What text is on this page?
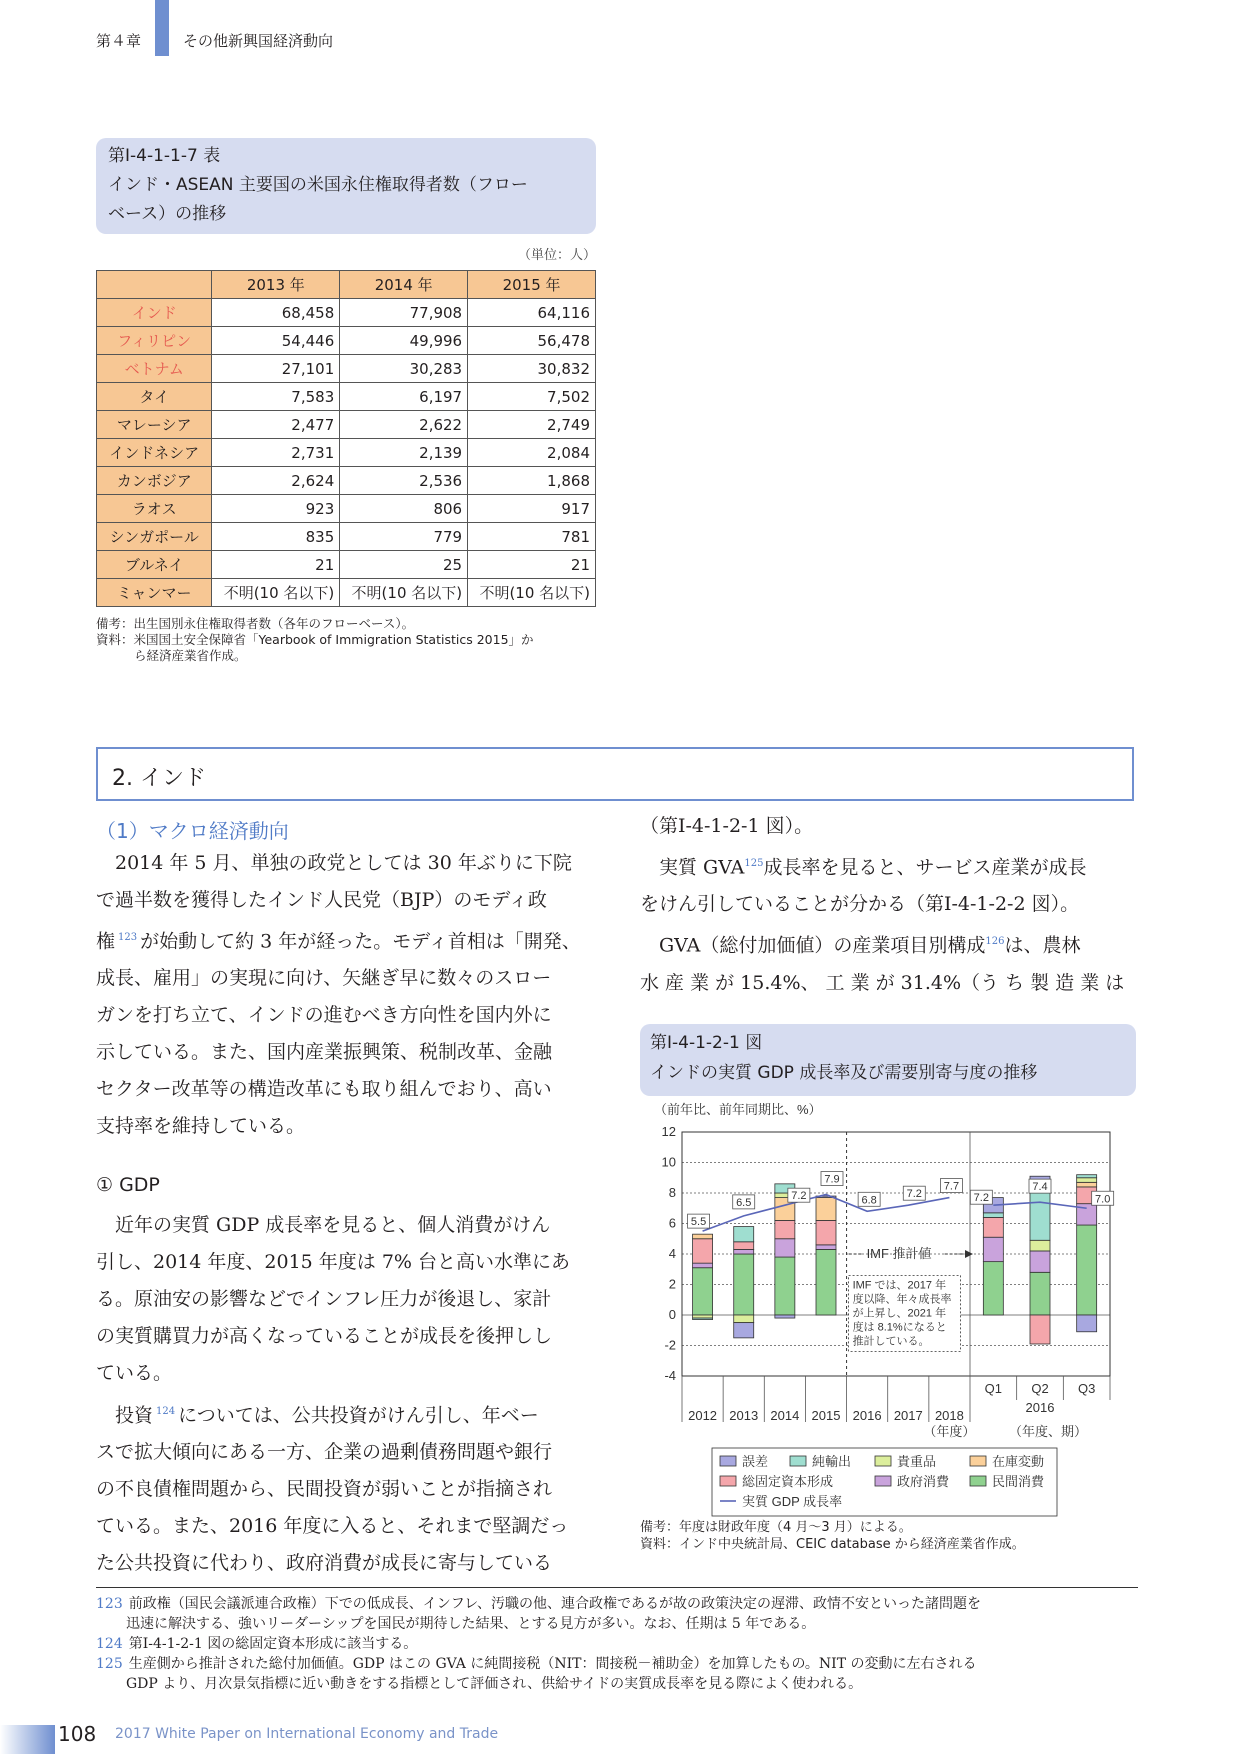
第４章	その他新興国経済動向
第Ⅰ-4-1-1-7 表
インド・ASEAN 主要国の米国永住権取得者数（フロー
ベース）の推移
（単位：人）
	2013 年	2014 年	2015 年
インド	68,458	77,908	64,116
フィリピン	54,446	49,996	56,478
ベトナム	27,101	30,283	30,832
タイ	7,583	6,197	7,502
マレーシア	2,477	2,622	2,749
インドネシア	2,731	2,139	2,084
カンボジア	2,624	2,536	1,868
ラオス	923	806	917
シンガポール	835	779	781
ブルネイ	21	25	21
ミャンマー	不明(10 名以下)	不明(10 名以下)	不明(10 名以下)
備考：出生国別永住権取得者数（各年のフローベース）。
資料：米国国土安全保障省「Yearbook of Immigration Statistics 2015」か
ら経済産業省作成。
2. インド
（1）マクロ経済動向
　2014 年 5 月、単独の政党としては 30 年ぶりに下院
で過半数を獲得したインド人民党（BJP）のモディ政
権 $^{123}$ が始動して約 3 年が経った。モディ首相は「開発、
成長、雇用」の実現に向け、矢継ぎ早に数々のスロー
ガンを打ち立て、インドの進むべき方向性を国内外に
示している。また、国内産業振興策、税制改革、金融
セクター改革等の構造改革にも取り組んでおり、高い
支持率を維持している。
① GDP
　近年の実質 GDP 成長率を見ると、個人消費がけん
引し、2014 年度、2015 年度は 7% 台と高い水準にあ
る。原油安の影響などでインフレ圧力が後退し、家計
の実質購買力が高くなっていることが成長を後押しし
ている。
　投資 $^{124}$ については、公共投資がけん引し、年ベー
スで拡大傾向にある一方、企業の過剰債務問題や銀行
の不良債権問題から、民間投資が弱いことが指摘され
ている。また、2016 年度に入ると、それまで堅調だっ
た公共投資に代わり、政府消費が成長に寄与している
（第Ⅰ-4-1-2-1 図）。
　実質 GVA$^{125}$成長率を見ると、サービス産業が成長
をけん引していることが分かる（第Ⅰ-4-1-2-2 図）。
　GVA（総付加価値）の産業項目別構成$^{126}$は、農林
水 産 業 が 15.4%、 工 業 が 31.4%（う ち 製 造 業 は
第Ⅰ-4-1-2-1 図
インドの実質 GDP 成長率及び需要別寄与度の推移
（前年比、前年同期比、%）
12
10
8
6
4
2
0
-2
-4
2012 2013 2014 2015 2016 2017 2018
Q1 Q2 Q3
2016
（年度）	（年度、期）
5.5
6.5
7.2
7.9
6.8
7.2
7.7
7.2
7.4
7.0
IMF 推計値
IMF では、2017 年
度以降、年々成長率
が上昇し、2021 年
度は 8.1%になると
推計している。
誤差	純輸出	貴重品	在庫変動
総固定資本形成	政府消費	民間消費
実質 GDP 成長率
備考：年度は財政年度（4 月〜3 月）による。
資料：インド中央統計局、CEIC database から経済産業省作成。
123 前政権（国民会議派連合政権）下での低成長、インフレ、汚職の他、連合政権であるが故の政策決定の遅滞、政情不安といった諸問題を
迅速に解決する、強いリーダーシップを国民が期待した結果、とする見方が多い。なお、任期は 5 年である。
124 第Ⅰ-4-1-2-1 図の総固定資本形成に該当する。
125 生産側から推計された総付加価値。GDP はこの GVA に純間接税（NIT：間接税－補助金）を加算したもの。NIT の変動に左右される
GDP より、月次景気指標に近い動きをする指標として評価され、供給サイドの実質成長率を見る際によく使われる。
108 2017 White Paper on International Economy and Trade
